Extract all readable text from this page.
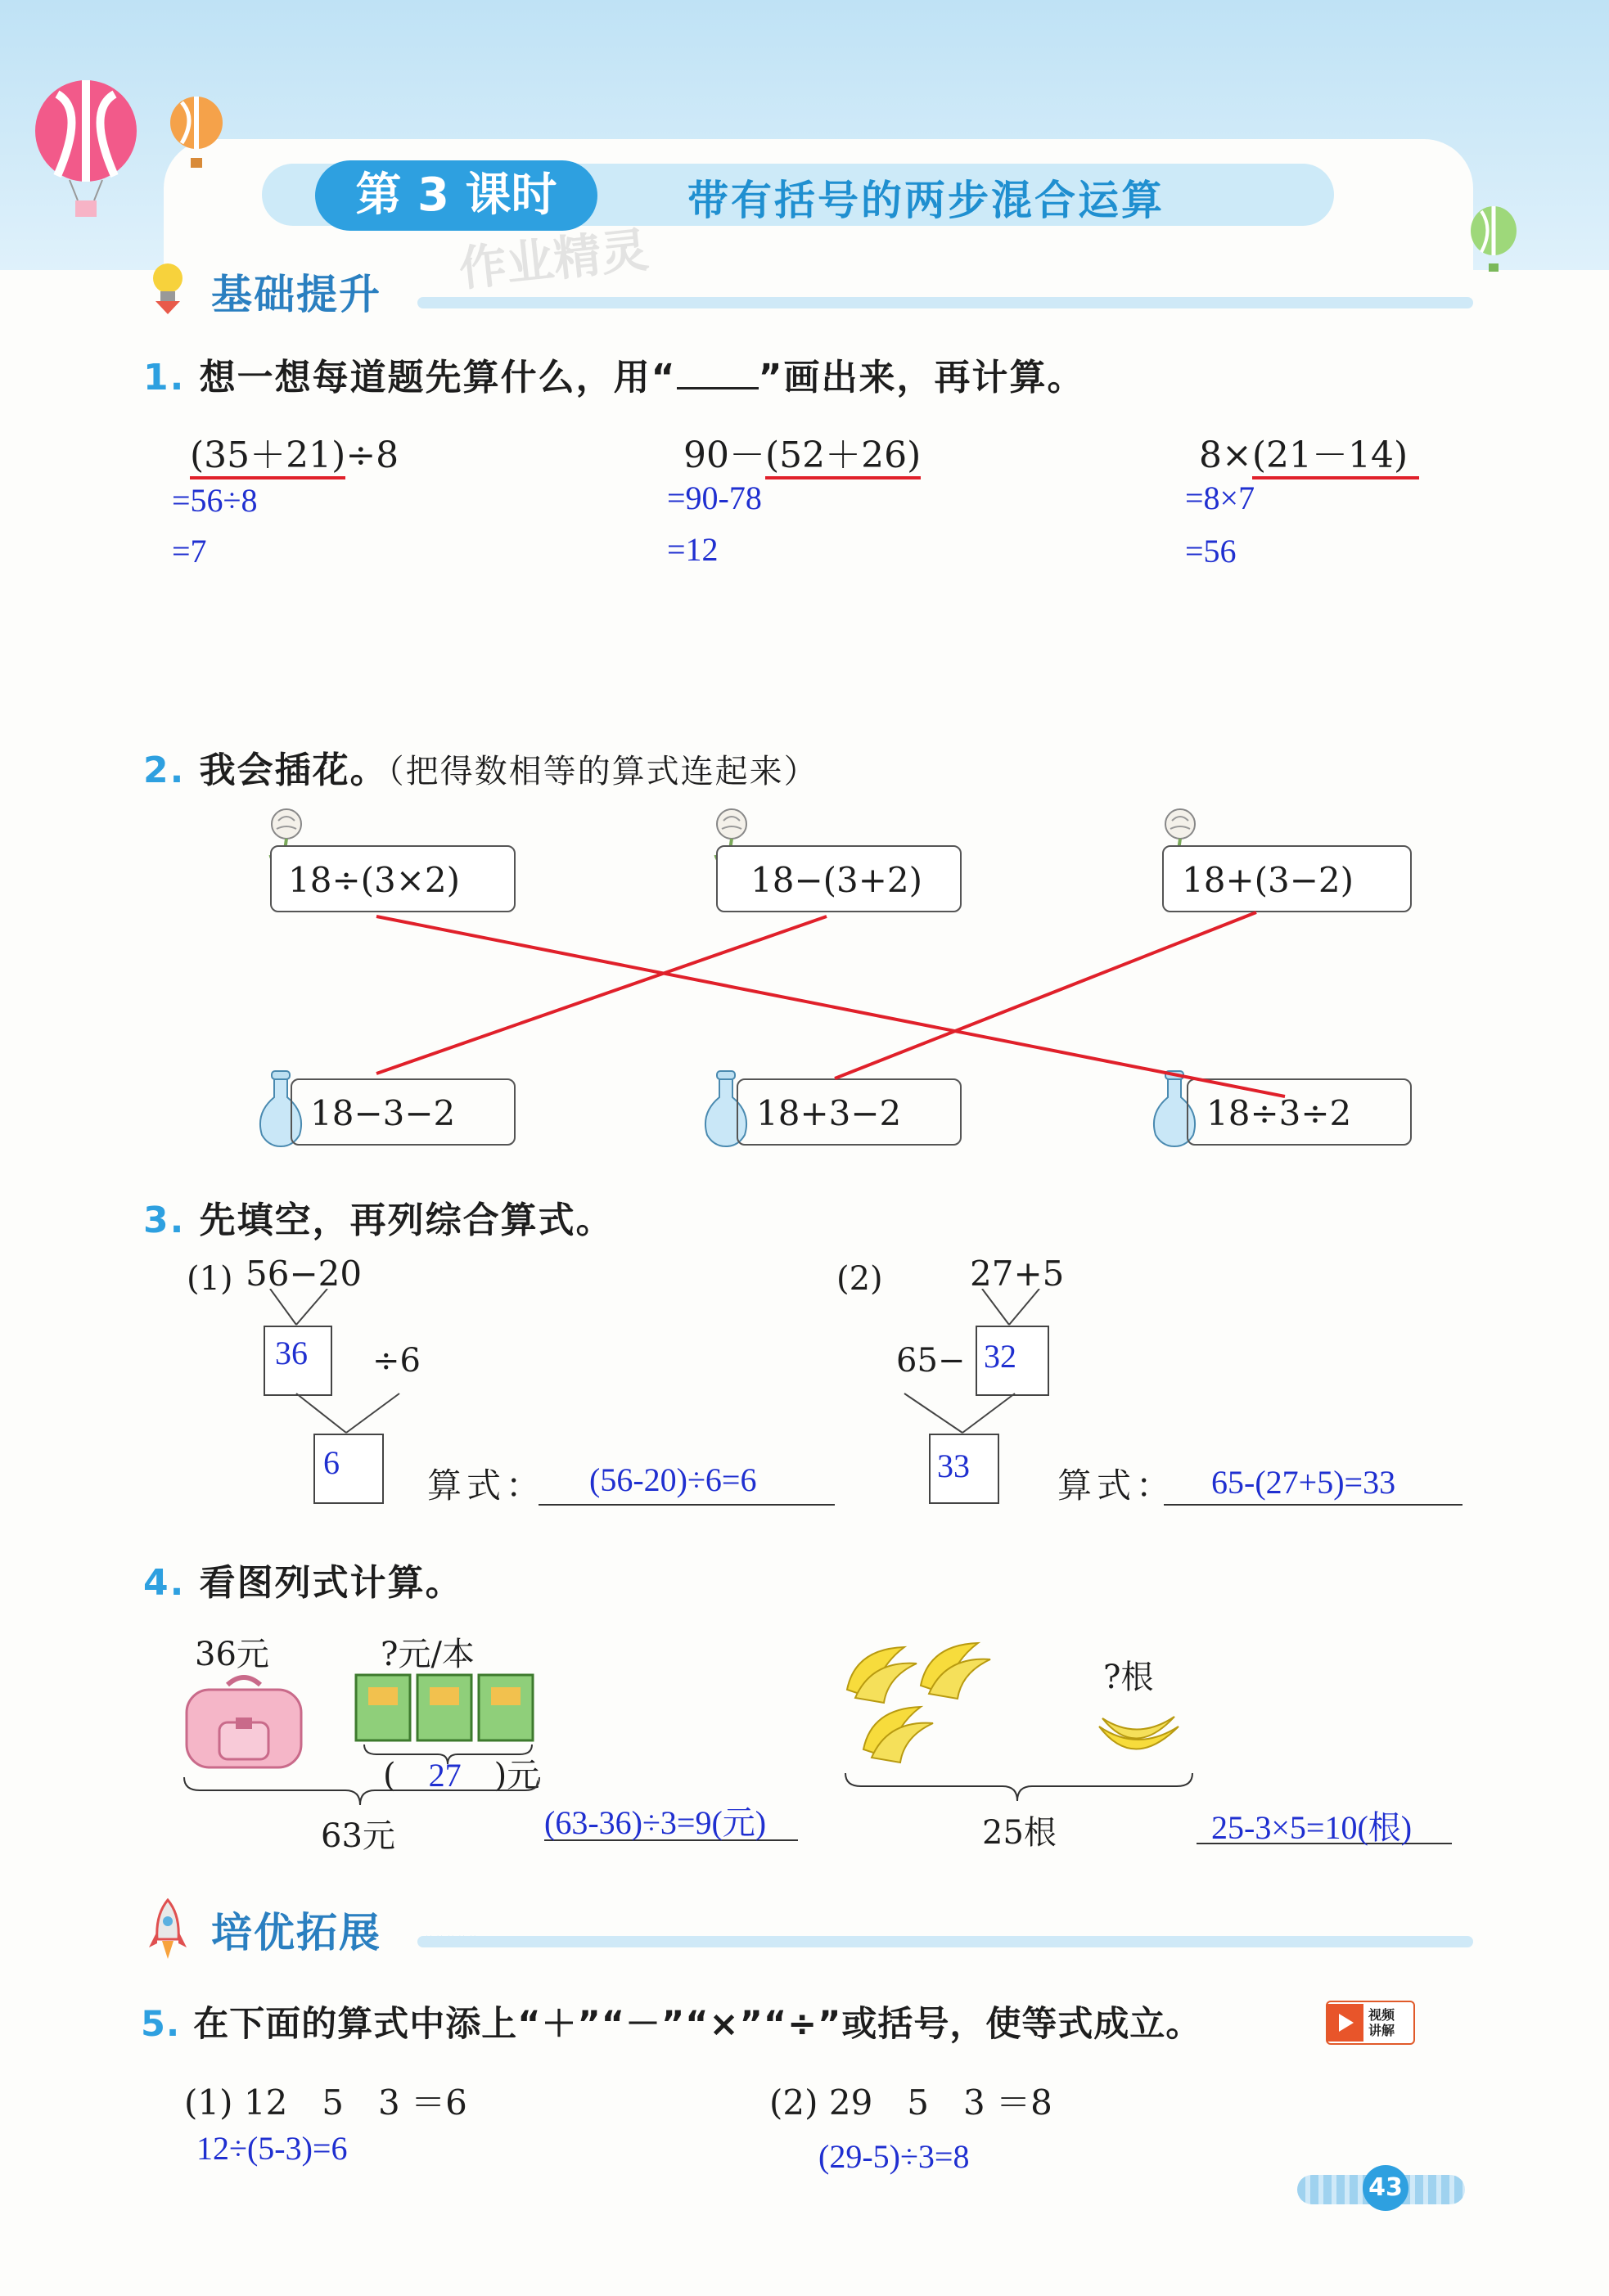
第 3 课时	带有括号的两步混合运算
作业精灵
基础提升
1. 想一想每道题先算什么，用“ ”画出来，再计算。
(35＋21)÷8
=56÷8
=7
90－(52＋26)
=90-78
=12
8×(21－14)
=8×7
=56
2. 我会插花。（把得数相等的算式连起来）
18÷(3×2)	18−(3+2)	18+(3−2)
18−3−2	18+3−2	18÷3÷2
3. 先填空，再列综合算式。
(1) 56−20
36 ÷6
6
算式： (56-20)÷6=6
(2)	27+5
65− 32
33	算式： 65-(27+5)=33
4. 看图列式计算。
36元	?元/本
( 27 )元
63元	(63-36)÷3=9(元)
?根
25根	25-3×5=10(根)
培优拓展
5. 在下面的算式中添上“＋”“－”“×”“÷”或括号，使等式成立。	视频
讲解
(1) 12　5　3 ＝6
12÷(5-3)=6
(2) 29　5　3 ＝8
(29-5)÷3=8
43
